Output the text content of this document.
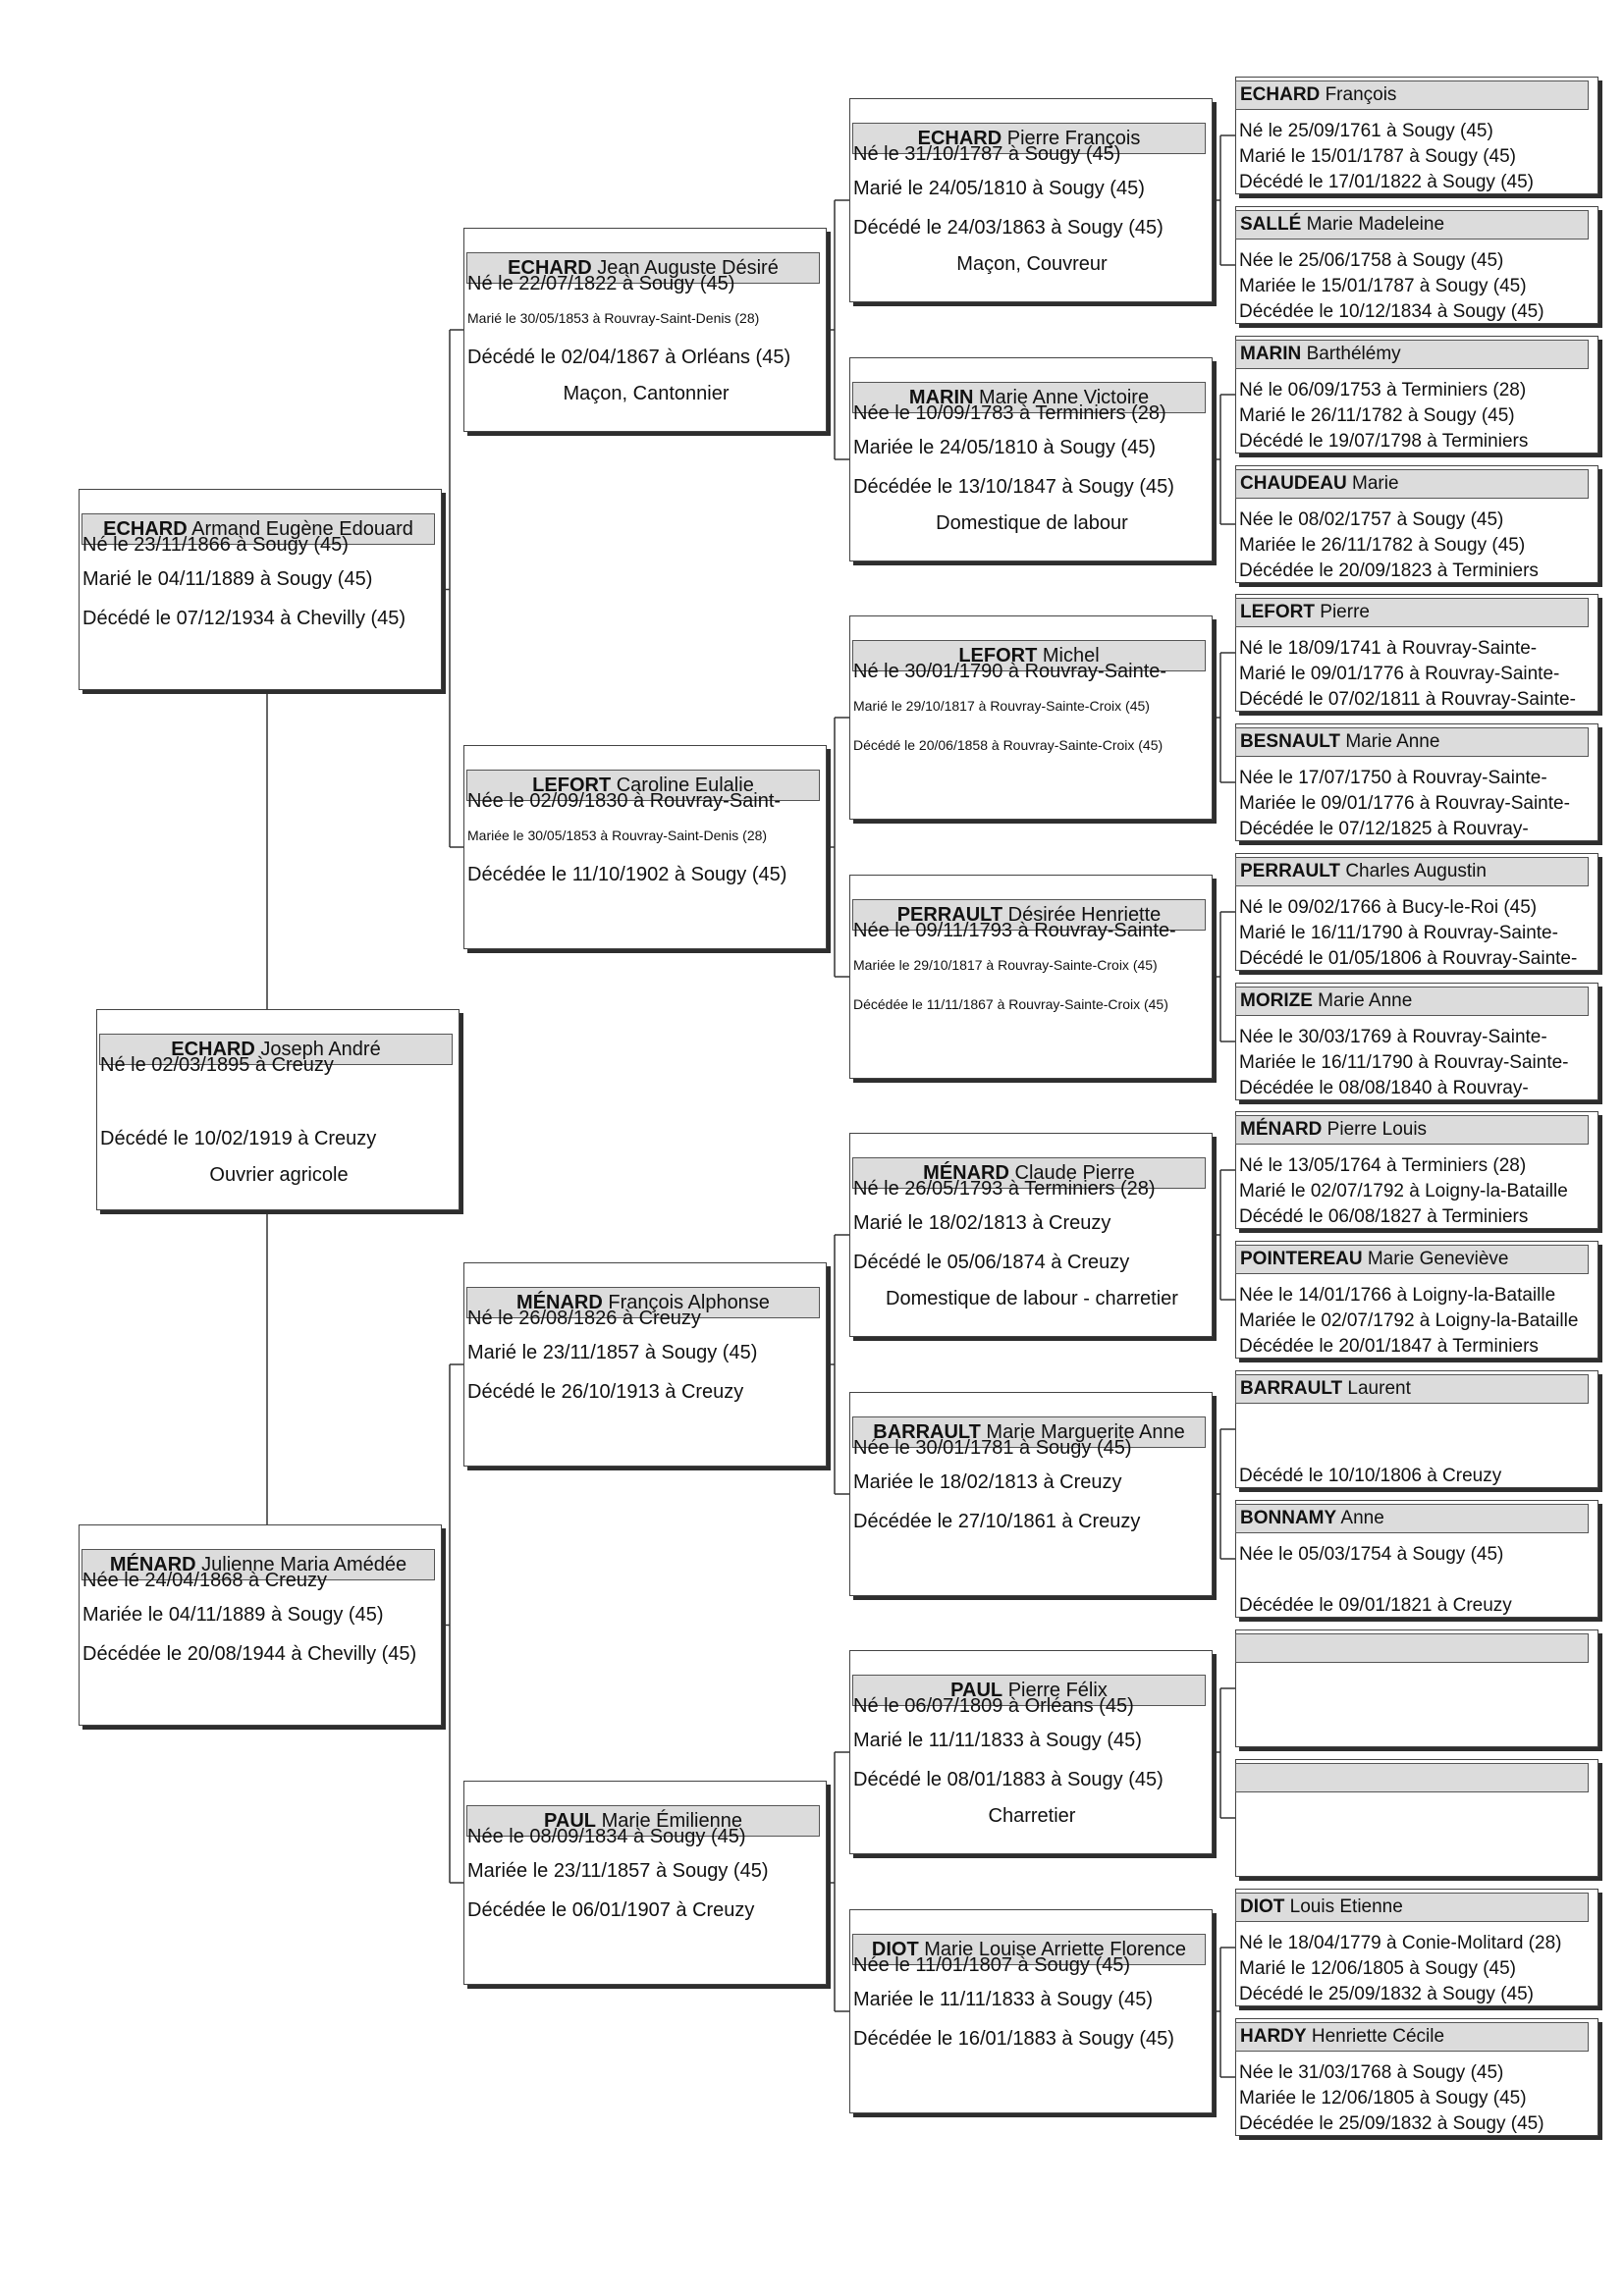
ECHARD Joseph André
Né le 02/03/1895 à Creuzy
Décédé le 10/02/1919 à Creuzy
Ouvrier agricole
ECHARD Armand Eugène Edouard
Né le 23/11/1866 à Sougy (45)
Marié le 04/11/1889 à Sougy (45)
Décédé le 07/12/1934 à Chevilly (45)
MÉNARD Julienne Maria Amédée
Née le 24/04/1868 à Creuzy
Mariée le 04/11/1889 à Sougy (45)
Décédée le 20/08/1944 à Chevilly (45)
ECHARD Jean Auguste Désiré
Né le 22/07/1822 à Sougy (45)
Marié le 30/05/1853 à Rouvray-Saint-Denis (28)
Décédé le 02/04/1867 à Orléans (45)
Maçon, Cantonnier
LEFORT Caroline Eulalie
Née le 02/09/1830 à Rouvray-Saint-
Mariée le 30/05/1853 à Rouvray-Saint-Denis (28)
Décédée le 11/10/1902 à Sougy (45)
MÉNARD François Alphonse
Né le 26/08/1826 à Creuzy
Marié le 23/11/1857 à Sougy (45)
Décédé le 26/10/1913 à Creuzy
PAUL Marie Émilienne
Née le 08/09/1834 à Sougy (45)
Mariée le 23/11/1857 à Sougy (45)
Décédée le 06/01/1907 à Creuzy
ECHARD Pierre François
Né le 31/10/1787 à Sougy (45)
Marié le 24/05/1810 à Sougy (45)
Décédé le 24/03/1863 à Sougy (45)
Maçon, Couvreur
MARIN Marie Anne Victoire
Née le 10/09/1783 à Terminiers (28)
Mariée le 24/05/1810 à Sougy (45)
Décédée le 13/10/1847 à Sougy (45)
Domestique de labour
LEFORT Michel
Né le 30/01/1790 à Rouvray-Sainte-
Marié le 29/10/1817 à Rouvray-Sainte-Croix (45)
Décédé le 20/06/1858 à Rouvray-Sainte-Croix (45)
PERRAULT Désirée Henriette
Née le 09/11/1793 à Rouvray-Sainte-
Mariée le 29/10/1817 à Rouvray-Sainte-Croix (45)
Décédée le 11/11/1867 à Rouvray-Sainte-Croix (45)
MÉNARD Claude Pierre
Né le 26/05/1793 à Terminiers (28)
Marié le 18/02/1813 à Creuzy
Décédé le 05/06/1874 à Creuzy
Domestique de labour - charretier
BARRAULT Marie Marguerite Anne
Née le 30/01/1781 à Sougy (45)
Mariée le 18/02/1813 à Creuzy
Décédée le 27/10/1861 à Creuzy
PAUL Pierre Félix
Né le 06/07/1809 à Orléans (45)
Marié le 11/11/1833 à Sougy (45)
Décédé le 08/01/1883 à Sougy (45)
Charretier
DIOT Marie Louise Arriette Florence
Née le 11/01/1807 à Sougy (45)
Mariée le 11/11/1833 à Sougy (45)
Décédée le 16/01/1883 à Sougy (45)
ECHARD François
Né le 25/09/1761 à Sougy (45)
Marié le 15/01/1787 à Sougy (45)
Décédé le 17/01/1822 à Sougy (45)
SALLÉ Marie Madeleine
Née le 25/06/1758 à Sougy (45)
Mariée le 15/01/1787 à Sougy (45)
Décédée le 10/12/1834 à Sougy (45)
MARIN Barthélémy
Né le 06/09/1753 à Terminiers (28)
Marié le 26/11/1782 à Sougy (45)
Décédé le 19/07/1798 à Terminiers
CHAUDEAU Marie
Née le 08/02/1757 à Sougy (45)
Mariée le 26/11/1782 à Sougy (45)
Décédée le 20/09/1823 à Terminiers
LEFORT Pierre
Né le 18/09/1741 à Rouvray-Sainte-
Marié le 09/01/1776 à Rouvray-Sainte-
Décédé le 07/02/1811 à Rouvray-Sainte-
BESNAULT Marie Anne
Née le 17/07/1750 à Rouvray-Sainte-
Mariée le 09/01/1776 à Rouvray-Sainte-
Décédée le 07/12/1825 à Rouvray-
PERRAULT Charles Augustin
Né le 09/02/1766 à Bucy-le-Roi (45)
Marié le 16/11/1790 à Rouvray-Sainte-
Décédé le 01/05/1806 à Rouvray-Sainte-
MORIZE Marie Anne
Née le 30/03/1769 à Rouvray-Sainte-
Mariée le 16/11/1790 à Rouvray-Sainte-
Décédée le 08/08/1840 à Rouvray-
MÉNARD Pierre Louis
Né le 13/05/1764 à Terminiers (28)
Marié le 02/07/1792 à Loigny-la-Bataille
Décédé le 06/08/1827 à Terminiers
POINTEREAU Marie Geneviève
Née le 14/01/1766 à Loigny-la-Bataille
Mariée le 02/07/1792 à Loigny-la-Bataille
Décédée le 20/01/1847 à Terminiers
BARRAULT Laurent
Décédé le 10/10/1806 à Creuzy
BONNAMY Anne
Née le 05/03/1754 à Sougy (45)
Décédée le 09/01/1821 à Creuzy
DIOT Louis Etienne
Né le 18/04/1779 à Conie-Molitard (28)
Marié le 12/06/1805 à Sougy (45)
Décédé le 25/09/1832 à Sougy (45)
HARDY Henriette Cécile
Née le 31/03/1768 à Sougy (45)
Mariée le 12/06/1805 à Sougy (45)
Décédée le 25/09/1832 à Sougy (45)
